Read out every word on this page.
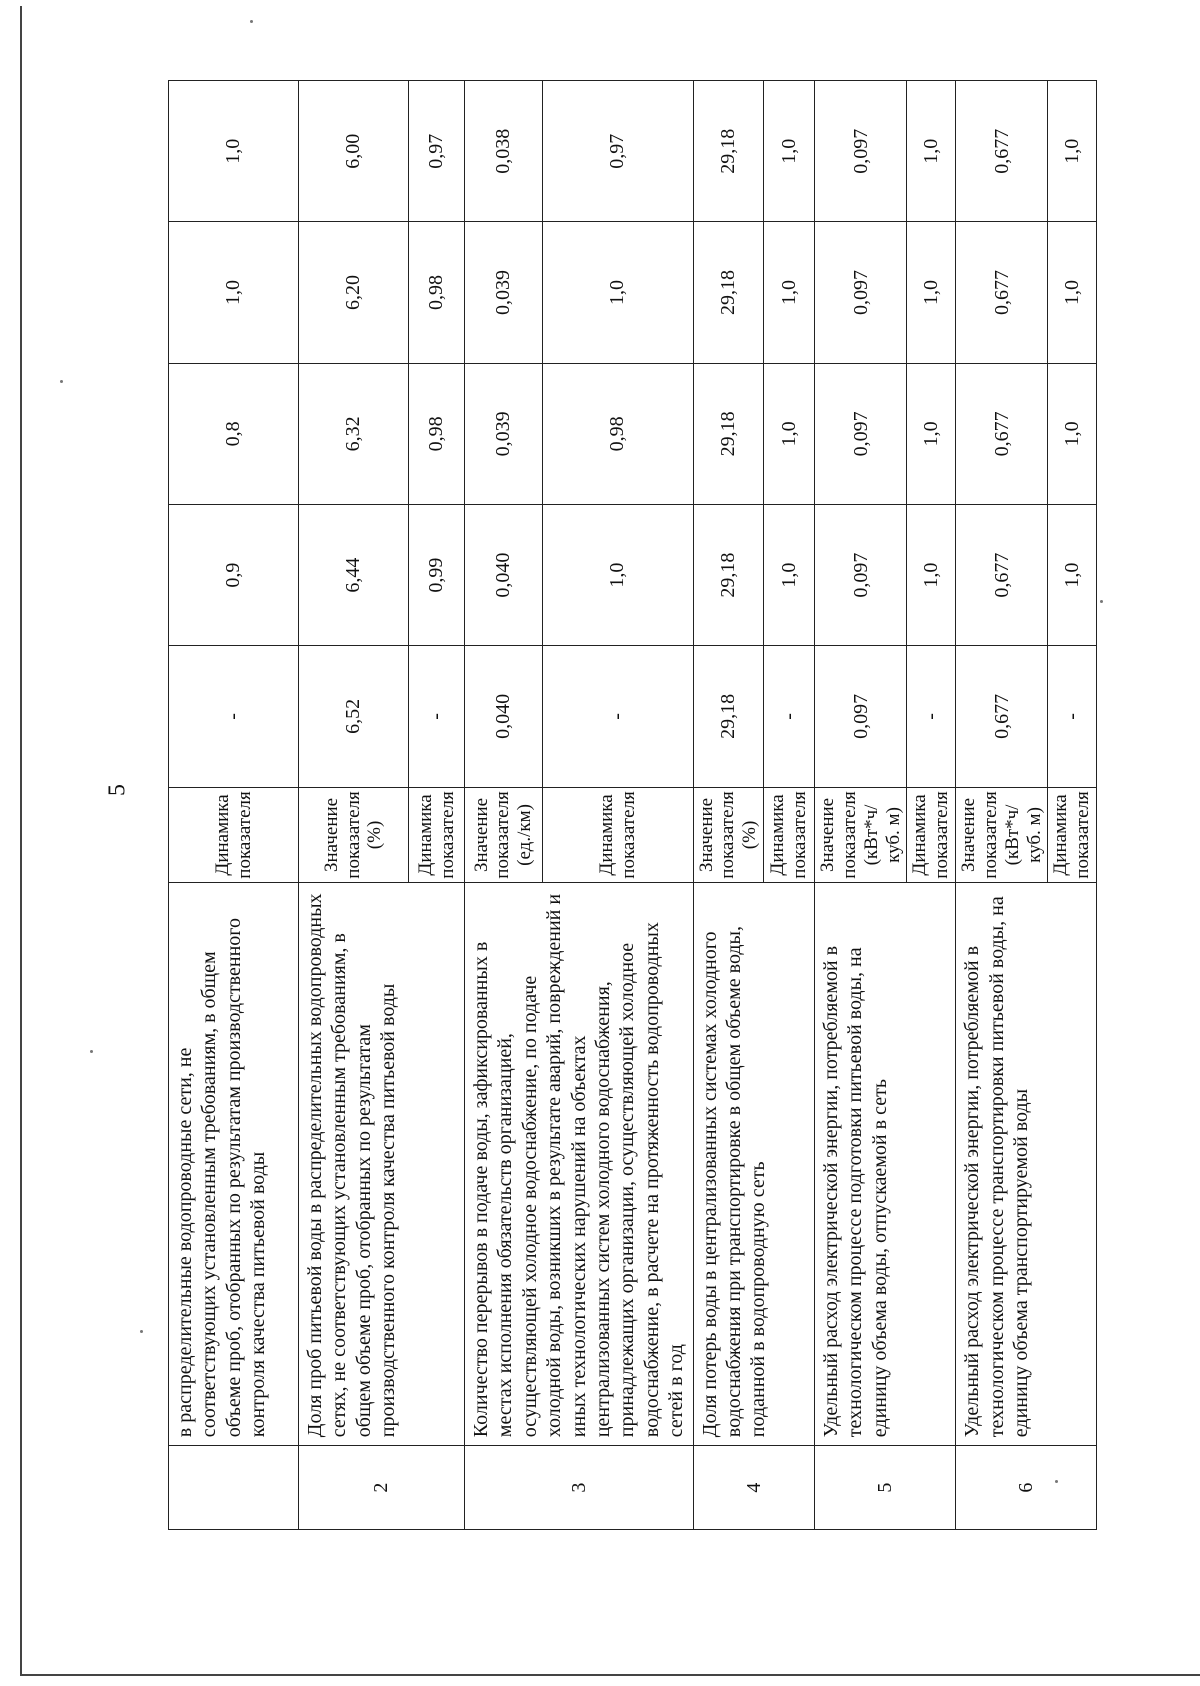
5
	в распределительные водопроводные сети, не соответствующих установленным требованиям, в общем объеме проб, отобранных по результатам производственного контроля качества питьевой воды	Динамика показателя	-	0,9	0,8	1,0	1,0
2	Доля проб питьевой воды в распределительных водопроводных сетях, не соответствующих установленным требованиям, в общем объеме проб, отобранных по результатам производственного контроля качества питьевой воды	Значение показателя (%)	6,52	6,44	6,32	6,20	6,00
		Динамика показателя	-	0,99	0,98	0,98	0,97
3	Количество перерывов в подаче воды, зафиксированных в местах исполнения обязательств организацией, осуществляющей холодное водоснабжение, по подаче холодной воды, возникших в результате аварий, повреждений и иных технологических нарушений на объектах централизованных систем холодного водоснабжения, принадлежащих организации, осуществляющей холодное водоснабжение, в расчете на протяженность водопроводных сетей в год	Значение показателя (ед./км)	0,040	0,040	0,039	0,039	0,038
		Динамика показателя	-	1,0	0,98	1,0	0,97
4	Доля потерь воды в централизованных системах холодного водоснабжения при транспортировке в общем объеме воды, поданной в водопроводную сеть	Значение показателя (%)	29,18	29,18	29,18	29,18	29,18
		Динамика показателя	-	1,0	1,0	1,0	1,0
5	Удельный расход электрической энергии, потребляемой в технологическом процессе подготовки питьевой воды, на единицу объема воды, отпускаемой в сеть	Значение показателя (кВт*ч/куб. м)	0,097	0,097	0,097	0,097	0,097
		Динамика показателя	-	1,0	1,0	1,0	1,0
6	Удельный расход электрической энергии, потребляемой в технологическом процессе транспортировки питьевой воды, на единицу объема транспортируемой воды	Значение показателя (кВт*ч/куб. м)	0,677	0,677	0,677	0,677	0,677
		Динамика показателя	-	1,0	1,0	1,0	1,0
